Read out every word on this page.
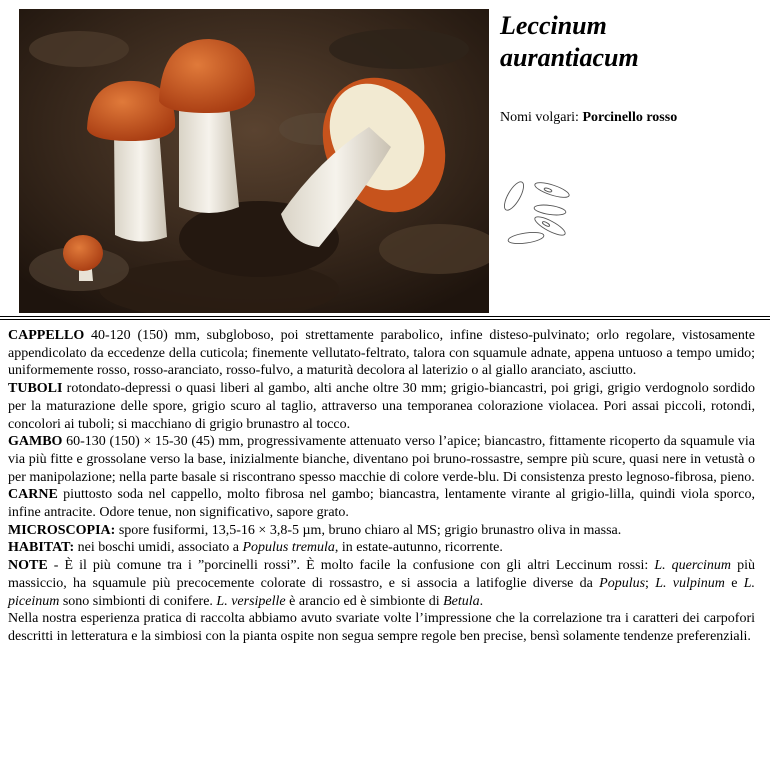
Leccinum
aurantiacum
Nomi volgari: Porcinello rosso

CAPPELLO 40-120 (150) mm, subgloboso, poi strettamente parabolico, infine disteso-pulvinato; orlo regolare, vistosamente appendicolato da eccedenze della cuticola; finemente vellutato-feltrato, talora con squamule adnate, appena untuoso a tempo umido; uniformemente rosso, rosso-aranciato, rosso-fulvo, a maturità decolora al laterizio o al giallo aranciato, asciutto.

TUBOLI rotondato-depressi o quasi liberi al gambo, alti anche oltre 30 mm; grigio-biancastri, poi grigi, grigio verdognolo sordido per la maturazione delle spore, grigio scuro al taglio, attraverso una temporanea colorazione violacea. Pori assai piccoli, rotondi, concolori ai tuboli; si macchiano di grigio brunastro al tocco.

GAMBO 60-130 (150) × 15-30 (45) mm, progressivamente attenuato verso l’apice; biancastro, fittamente ricoperto da squamule via via più fitte e grossolane verso la base, inizialmente bianche, diventano poi bruno-rossastre, sempre più scure, quasi nere in vetustà o per manipolazione; nella parte basale si riscontrano spesso macchie di colore verde-blu. Di consistenza presto legnoso-fibrosa, pieno.

CARNE piuttosto soda nel cappello, molto fibrosa nel gambo; biancastra, lentamente virante al grigio-lilla, quindi viola sporco, infine antracite. Odore tenue, non significativo, sapore grato.

MICROSCOPIA: spore fusiformi, 13,5-16 × 3,8-5 µm, bruno chiaro al MS; grigio brunastro oliva in massa.

HABITAT: nei boschi umidi, associato a Populus tremula, in estate-autunno, ricorrente.

NOTE - È il più comune tra i ”porcinelli rossi”. È molto facile la confusione con gli altri Leccinum rossi: L. quercinum più massiccio, ha squamule più precocemente colorate di rossastro, e si associa a latifoglie diverse da Populus; L. vulpinum e L. piceinum sono simbionti di conifere. L. versipelle è arancio ed è simbionte di Betula.

Nella nostra esperienza pratica di raccolta abbiamo avuto svariate volte l’impressione che la correlazione tra i caratteri dei carpofori descritti in letteratura e la simbiosi con la pianta ospite non segua sempre regole ben precise, bensì solamente tendenze preferenziali.
